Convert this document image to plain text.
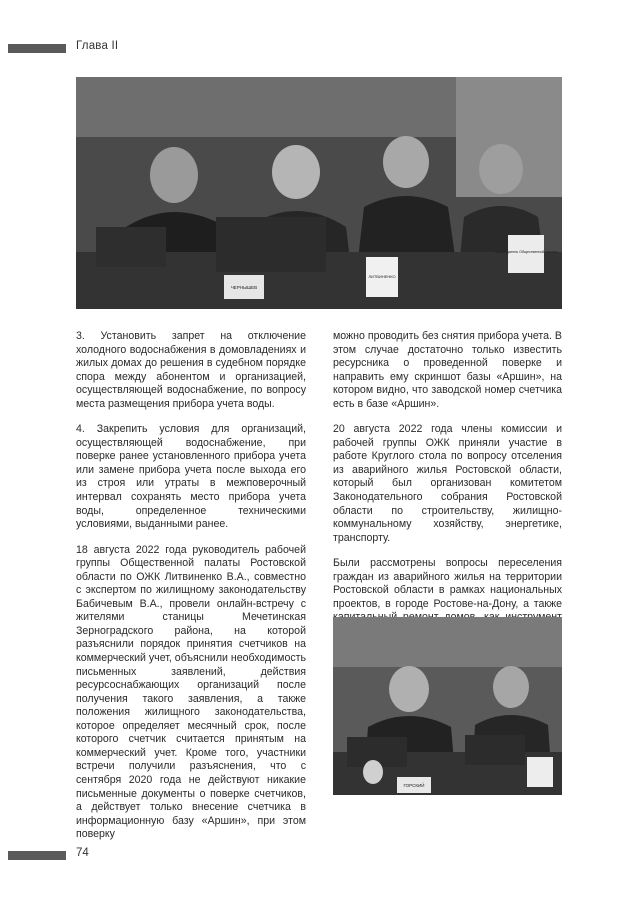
Глава II
ЧЕРНЫШЕВ
Председатель Общественной палаты
ЛИТВИНЕНКО

3. Установить запрет на отключение холодного водоснабжения в домовладениях и жилых домах до решения в судебном порядке спора между абонентом и организацией, осуществляющей водоснабжение, по вопросу места размещения прибора учета воды.

4. Закрепить условия для организаций, осуществляющей водоснабжение, при поверке ранее установленного прибора учета или замене прибора учета после выхода его из строя или утраты в межповерочный интервал сохранять место прибора учета воды, определенное техническими условиями, выданными ранее.

18 августа 2022 года руководитель рабочей группы Общественной палаты Ростовской области по ОЖК Литвиненко В.А., совместно с экспертом по жилищному законодательству Бабичевым В.А., провели онлайн-встречу с жителями станицы Мечетинская Зерноградского района, на которой разъяснили порядок принятия счетчиков на коммерческий учет, объяснили необходимость письменных заявлений, действия ресурсоснабжающих организаций после получения такого заявления, а также положения жилищного законодательства, которое определяет месячный срок, после которого счетчик считается принятым на коммерческий учет. Кроме того, участники встречи получили разъяснения, что с сентября 2020 года не действуют никакие письменные документы о поверке счетчиков, а действует только внесение счетчика в информационную базу «Аршин», при этом поверку

можно проводить без снятия прибора учета. В этом случае достаточно только известить ресурсника о проведенной поверке и направить ему скриншот базы «Аршин», на котором видно, что заводской номер счетчика есть в базе «Аршин».

20 августа 2022 года члены комиссии и рабочей группы ОЖК приняли участие в работе Круглого стола по вопросу отселения из аварийного жилья Ростовской области, который был организован комитетом Законодательного собрания Ростовской области по строительству, жилищно-коммунальному хозяйству, энергетике, транспорту.

Были рассмотрены вопросы переселения граждан из аварийного жилья на территории Ростовской области в рамках национальных проектов, в городе Ростове-на-Дону, а также

ГОРСКИЙ
74
